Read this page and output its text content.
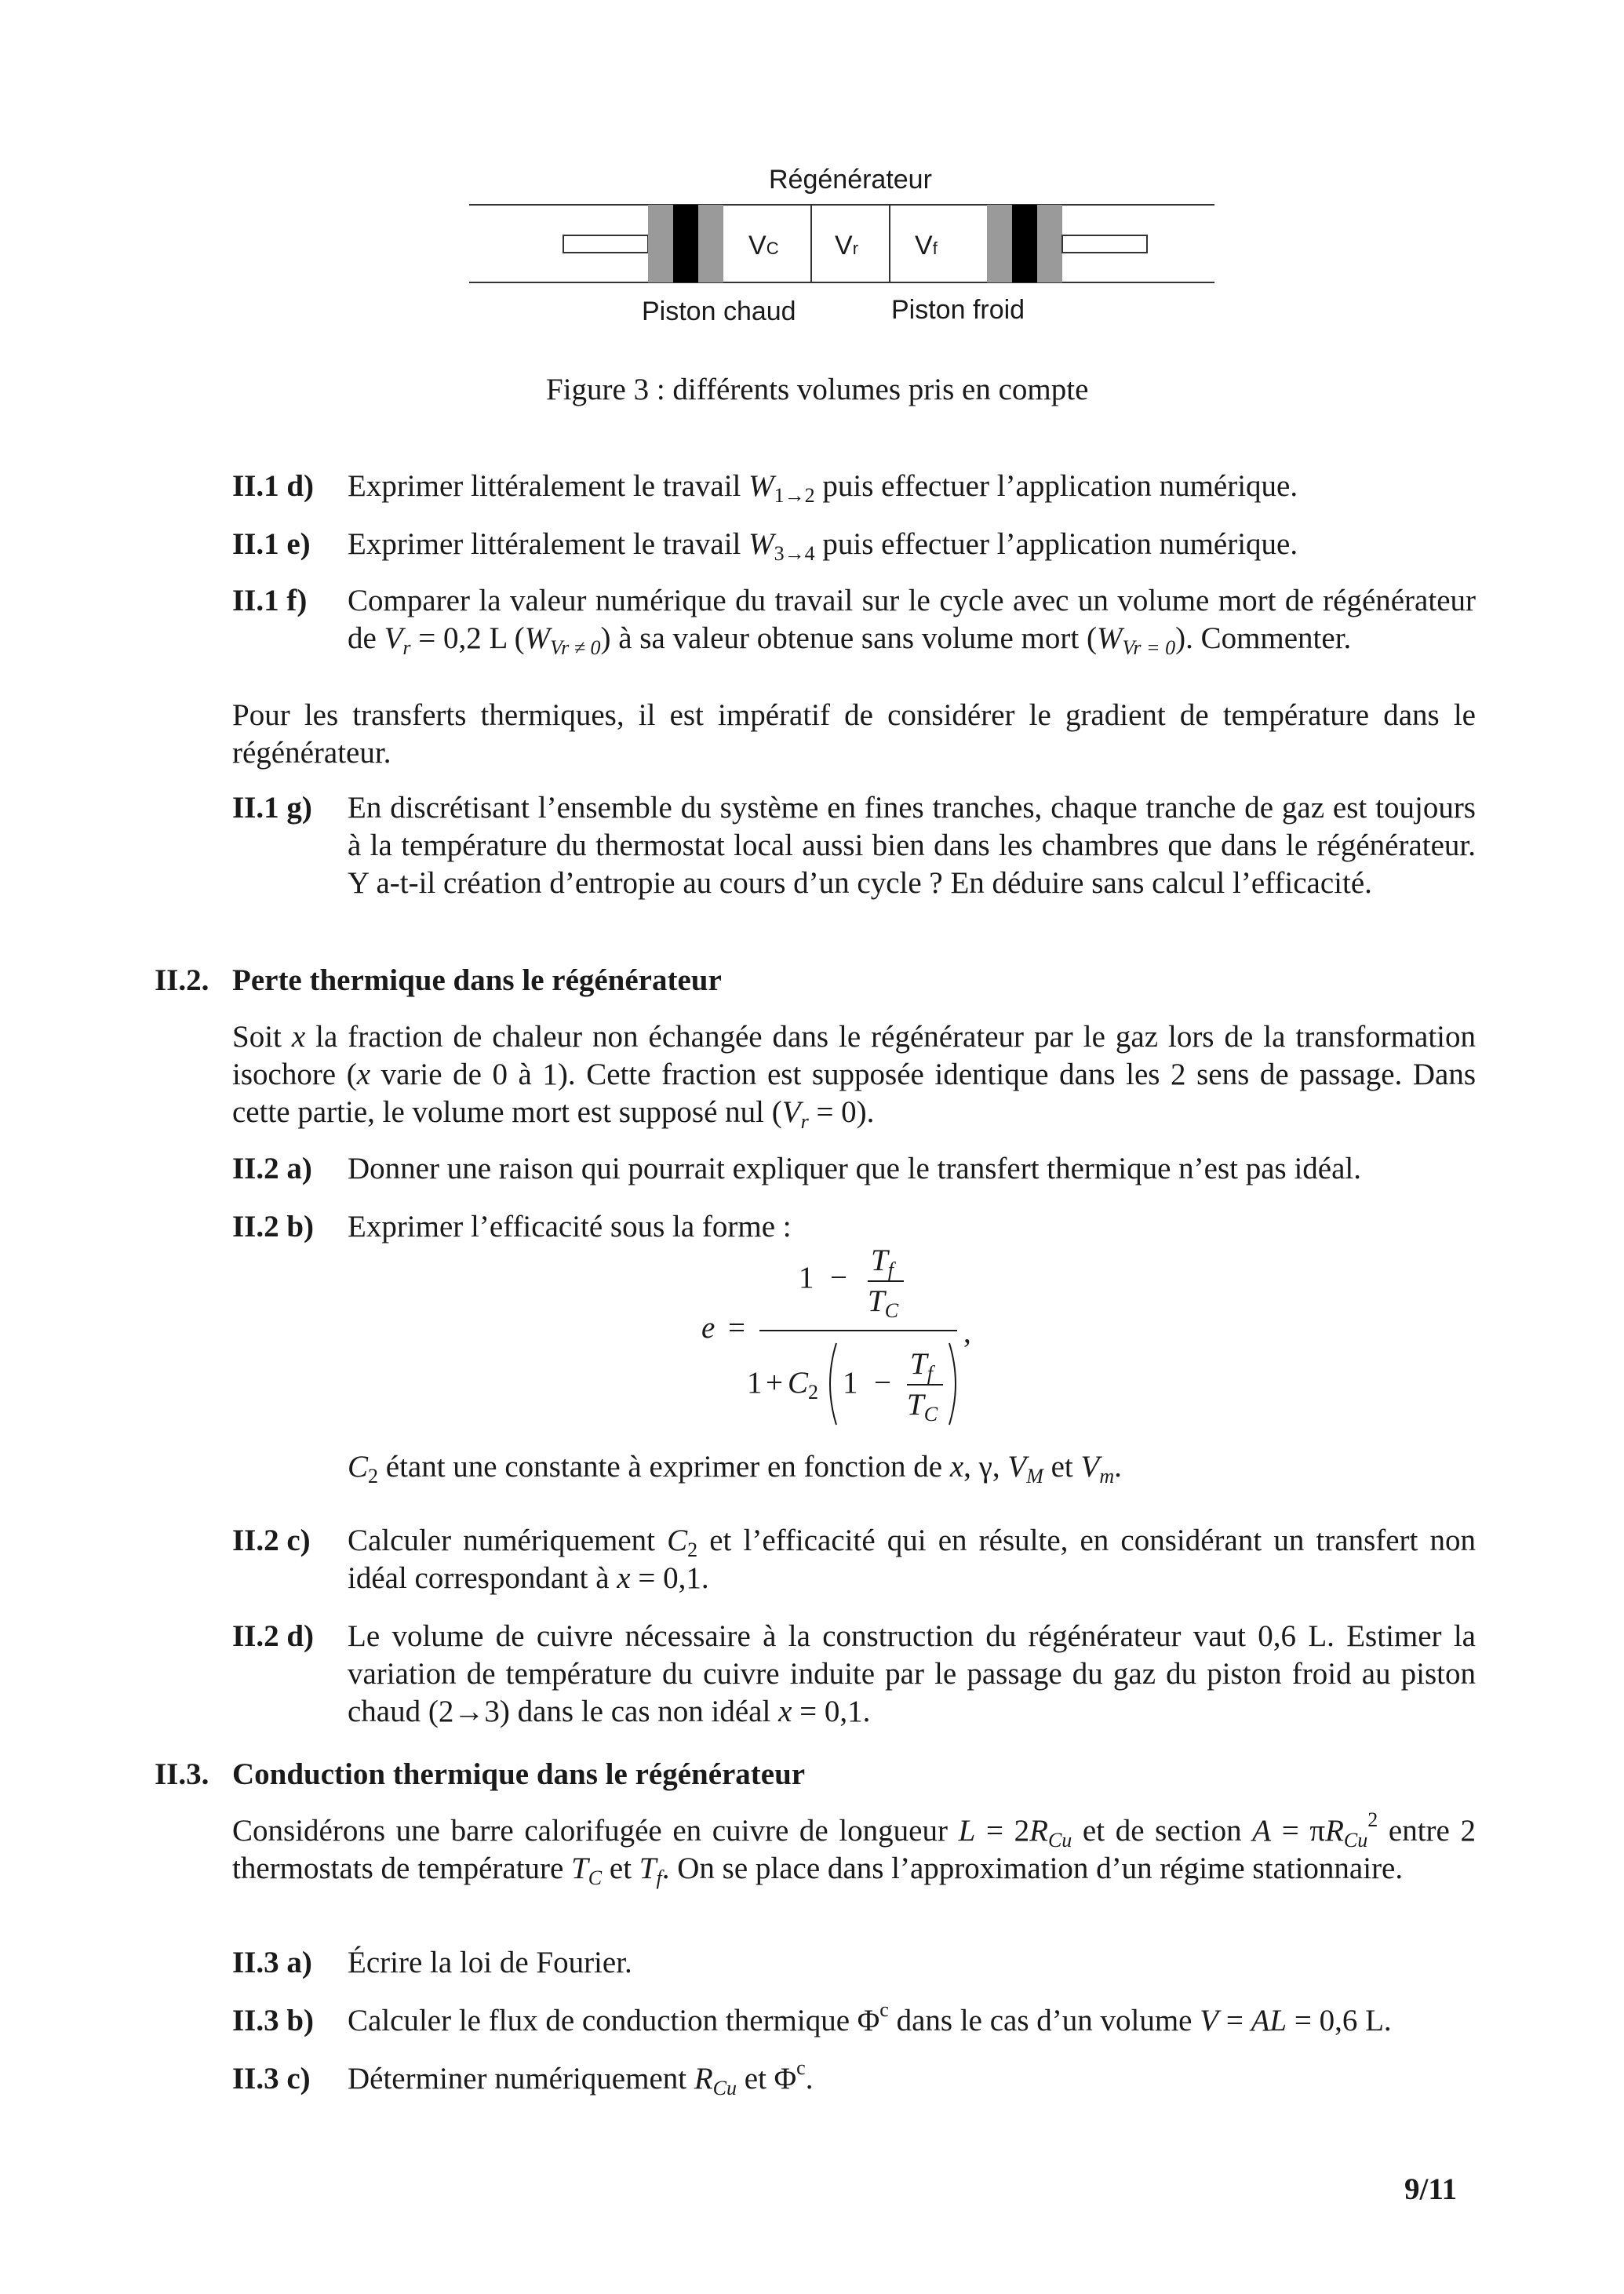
Régénérateur
VC Vr Vf
Piston chaud	Piston froid
Figure 3 : différents volumes pris en compte
II.1 d) Exprimer littéralement le travail $W_{1\to 2}$ puis effectuer l’application numérique.
II.1 e) Exprimer littéralement le travail $W_{3\to 4}$ puis effectuer l’application numérique.
II.1 f) Comparer la valeur numérique du travail sur le cycle avec un volume mort de régénérateur de $V_r = 0,2$ L $(W_{Vr \ne 0})$ à sa valeur obtenue sans volume mort $(W_{Vr = 0})$. Commenter.
Pour les transferts thermiques, il est impératif de considérer le gradient de température dans le régénérateur.
II.1 g) En discrétisant l’ensemble du système en fines tranches, chaque tranche de gaz est toujours à la température du thermostat local aussi bien dans les chambres que dans le régénérateur. Y a-t-il création d’entropie au cours d’un cycle ? En déduire sans calcul l’efficacité.
II.2. Perte thermique dans le régénérateur
Soit x la fraction de chaleur non échangée dans le régénérateur par le gaz lors de la transformation isochore (x varie de 0 à 1). Cette fraction est supposée identique dans les 2 sens de passage. Dans cette partie, le volume mort est supposé nul $(V_r = 0)$.
II.2 a) Donner une raison qui pourrait expliquer que le transfert thermique n’est pas idéal.
II.2 b) Exprimer l’efficacité sous la forme :
e =
1 −
$T_f$
$T_C$
,
$1 + C_2$ 1 −
$T_f$
$T_C$
$C_2$ étant une constante à exprimer en fonction de x, γ, $V_M$ et $V_m$.
II.2 c) Calculer numériquement $C_2$ et l’efficacité qui en résulte, en considérant un transfert non idéal correspondant à x = 0,1.
II.2 d) Le volume de cuivre nécessaire à la construction du régénérateur vaut 0,6 L. Estimer la variation de température du cuivre induite par le passage du gaz du piston froid au piston chaud (2→3) dans le cas non idéal x = 0,1.
II.3. Conduction thermique dans le régénérateur
Considérons une barre calorifugée en cuivre de longueur $L = 2R_{Cu}$ et de section $A = \pi R_{Cu}^2$ entre 2 thermostats de température $T_C$ et $T_f$. On se place dans l’approximation d’un régime stationnaire.
II.3 a) Écrire la loi de Fourier.
II.3 b) Calculer le flux de conduction thermique $\Phi^c$ dans le cas d’un volume V = AL = 0,6 L.
II.3 c) Déterminer numériquement $R_{Cu}$ et $\Phi^c$.
9/11
